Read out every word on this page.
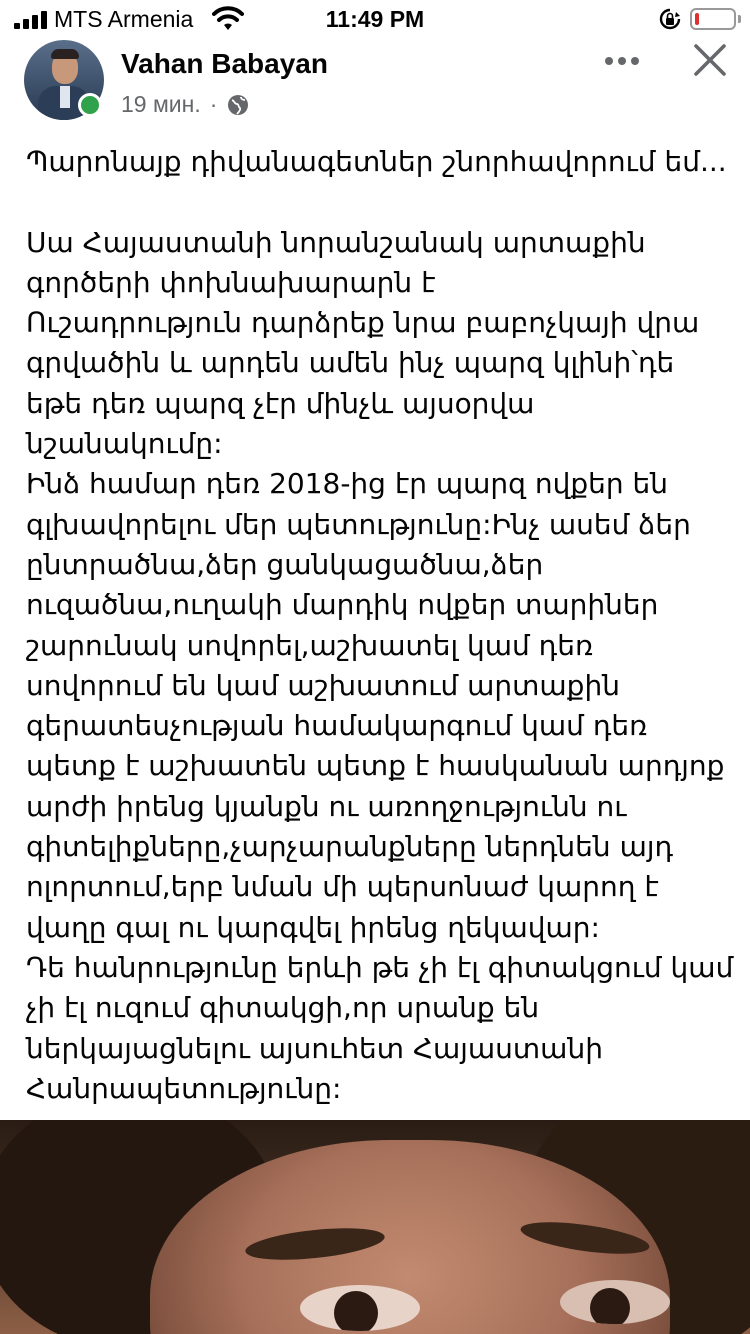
MTS Armenia	11:49 PM
Vahan Babayan
19 мин. ·
Պարոնայք դիվանագետներ շնորհավորում եմ...

Սա Հայաստանի նորանշանակ արտաքին գործերի փոխնախարարն է
Ուշադրություն դարձրեք նրա բաբոչկայի վրա գրվածին և արդեն ամեն ինչ պարզ կլինի՝դե եթե դեռ պարզ չէր մինչև այսօրվա նշանակումը:
Ինձ համար դեռ 2018-ից էր պարզ ովքեր են գլխավորելու մեր պետությունը:Ինչ ասեմ ձեր ընտրածնա,ձեր ցանկացածնա,ձեր ուզածնա,ուղակի մարդիկ ովքեր տարիներ շարունակ սովորել,աշխատել կամ դեռ սովորում են կամ աշխատում արտաքին գերատեսչության համակարգում կամ դեռ պետք է աշխատեն պետք է հասկանան արդյոք արժի իրենց կյանքն ու առողջությունն ու գիտելիքները,չարչարանքները ներդնեն այդ ոլորտում,երբ նման մի պերսոնաժ կարող է վաղը գալ ու կարգվել իրենց ղեկավար:
Դե հանրությունը երևի թե չի էլ գիտակցում կամ չի էլ ուզում գիտակցի,որ սրանք են ներկայացնելու այսուհետ Հայաստանի Հանրապետությունը:
